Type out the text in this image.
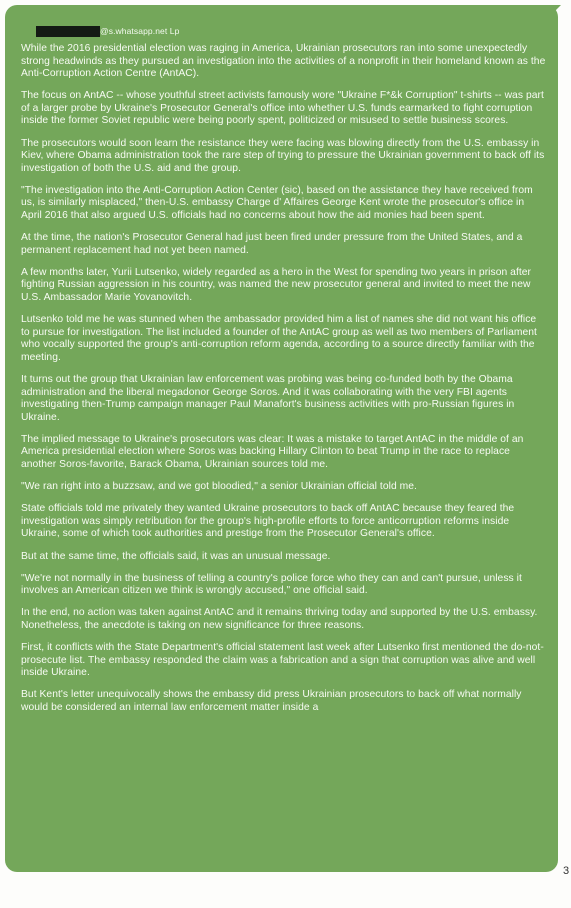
@s.whatsapp.net Lp

While the 2016 presidential election was raging in America, Ukrainian prosecutors ran into some unexpectedly strong headwinds as they pursued an investigation into the activities of a nonprofit in their homeland known as the Anti-Corruption Action Centre (AntAC).

The focus on AntAC -- whose youthful street activists famously wore "Ukraine F*&k Corruption" t-shirts -- was part of a larger probe by Ukraine's Prosecutor General's office into whether U.S. funds earmarked to fight corruption inside the former Soviet republic were being poorly spent, politicized or misused to settle business scores.

The prosecutors would soon learn the resistance they were facing was blowing directly from the U.S. embassy in Kiev, where Obama administration took the rare step of trying to pressure the Ukrainian government to back off its investigation of both the U.S. aid and the group.

"The investigation into the Anti-Corruption Action Center (sic), based on the assistance they have received from us, is similarly misplaced," then-U.S. embassy Charge d' Affaires George Kent wrote the prosecutor's office in April 2016 that also argued U.S. officials had no concerns about how the aid monies had been spent.

At the time, the nation's Prosecutor General had just been fired under pressure from the United States, and a permanent replacement had not yet been named.

A few months later, Yurii Lutsenko, widely regarded as a hero in the West for spending two years in prison after fighting Russian aggression in his country, was named the new prosecutor general and invited to meet the new U.S. Ambassador Marie Yovanovitch.

Lutsenko told me he was stunned when the ambassador provided him a list of names she did not want his office to pursue for investigation. The list included a founder of the AntAC group as well as two members of Parliament who vocally supported the group's anti-corruption reform agenda, according to a source directly familiar with the meeting.

It turns out the group that Ukrainian law enforcement was probing was being co-funded both by the Obama administration and the liberal megadonor George Soros. And it was collaborating with the very FBI agents investigating then-Trump campaign manager Paul Manafort's business activities with pro-Russian figures in Ukraine.

The implied message to Ukraine's prosecutors was clear: It was a mistake to target AntAC in the middle of an America presidential election where Soros was backing Hillary Clinton to beat Trump in the race to replace another Soros-favorite, Barack Obama, Ukrainian sources told me.

"We ran right into a buzzsaw, and we got bloodied," a senior Ukrainian official told me.

State officials told me privately they wanted Ukraine prosecutors to back off AntAC because they feared the investigation was simply retribution for the group's high-profile efforts to force anticorruption reforms inside Ukraine, some of which took authorities and prestige from the Prosecutor General's office.

But at the same time, the officials said, it was an unusual message.

"We're not normally in the business of telling a country's police force who they can and can't pursue, unless it involves an American citizen we think is wrongly accused," one official said.

In the end, no action was taken against AntAC and it remains thriving today and supported by the U.S. embassy. Nonetheless, the anecdote is taking on new significance for three reasons.

First, it conflicts with the State Department's official statement last week after Lutsenko first mentioned the do-not-prosecute list. The embassy responded the claim was a fabrication and a sign that corruption was alive and well inside Ukraine.

But Kent's letter unequivocally shows the embassy did press Ukrainian prosecutors to back off what normally would be considered an internal law enforcement matter inside a

3
